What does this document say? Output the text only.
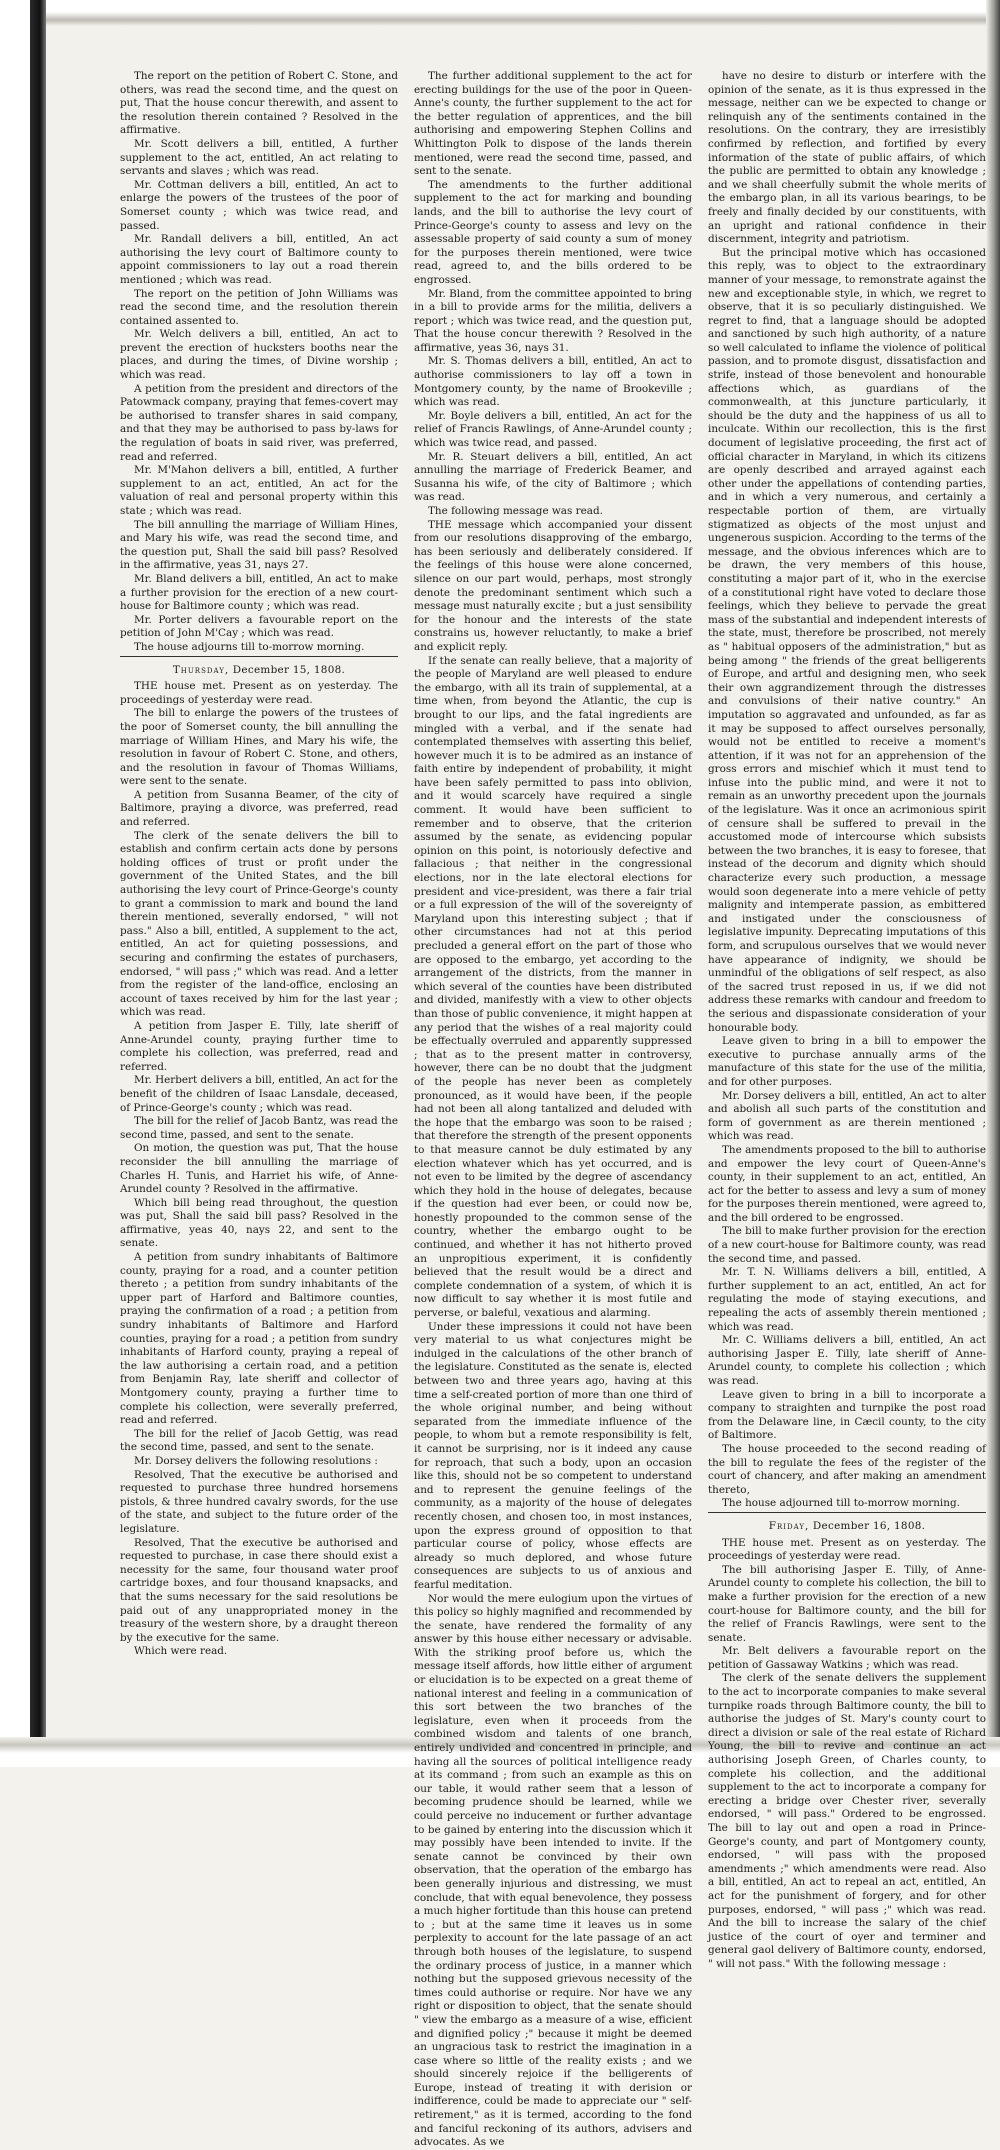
The report on the petition of Robert C. Stone, and others, was read the second time, and the quest on put, That the house concur therewith, and assent to the resolution therein contained ? Resolved in the affirmative.

Mr. Scott delivers a bill, entitled, A further supplement to the act, entitled, An act relating to servants and slaves ; which was read.

Mr. Cottman delivers a bill, entitled, An act to enlarge the powers of the trustees of the poor of Somerset county ; which was twice read, and passed.

Mr. Randall delivers a bill, entitled, An act authorising the levy court of Baltimore county to appoint commissioners to lay out a road therein mentioned ; which was read.

The report on the petition of John Williams was read the second time, and the resolution therein contained assented to.

Mr. Welch delivers a bill, entitled, An act to prevent the erection of hucksters booths near the places, and during the times, of Divine worship ; which was read.

A petition from the president and directors of the Patowmack company, praying that femes-covert may be authorised to transfer shares in said company, and that they may be authorised to pass by-laws for the regulation of boats in said river, was preferred, read and referred.

Mr. M'Mahon delivers a bill, entitled, A further supplement to an act, entitled, An act for the valuation of real and personal property within this state ; which was read.

The bill annulling the marriage of William Hines, and Mary his wife, was read the second time, and the question put, Shall the said bill pass? Resolved in the affirmative, yeas 31, nays 27.

Mr. Bland delivers a bill, entitled, An act to make a further provision for the erection of a new court-house for Baltimore county ; which was read.

Mr. Porter delivers a favourable report on the petition of John M'Cay ; which was read.

The house adjourns till to-morrow morning.

Thursday, December 15, 1808.

THE house met. Present as on yesterday. The proceedings of yesterday were read.

The bill to enlarge the powers of the trustees of the poor of Somerset county, the bill annulling the marriage of William Hines, and Mary his wife, the resolution in favour of Robert C. Stone, and others, and the resolution in favour of Thomas Williams, were sent to the senate.

A petition from Susanna Beamer, of the city of Baltimore, praying a divorce, was preferred, read and referred.

The clerk of the senate delivers the bill to establish and confirm certain acts done by persons holding offices of trust or profit under the government of the United States, and the bill authorising the levy court of Prince-George's county to grant a commission to mark and bound the land therein mentioned, severally endorsed, " will not pass." Also a bill, entitled, A supplement to the act, entitled, An act for quieting possessions, and securing and confirming the estates of purchasers, endorsed, " will pass ;" which was read. And a letter from the register of the land-office, enclosing an account of taxes received by him for the last year ; which was read.

A petition from Jasper E. Tilly, late sheriff of Anne-Arundel county, praying further time to complete his collection, was preferred, read and referred.

Mr. Herbert delivers a bill, entitled, An act for the benefit of the children of Isaac Lansdale, deceased, of Prince-George's county ; which was read.

The bill for the relief of Jacob Bantz, was read the second time, passed, and sent to the senate.

On motion, the question was put, That the house reconsider the bill annulling the marriage of Charles H. Tunis, and Harriet his wife, of Anne-Arundel county ? Resolved in the affirmative.

Which bill being read throughout, the question was put, Shall the said bill pass? Resolved in the affirmative, yeas 40, nays 22, and sent to the senate.

A petition from sundry inhabitants of Baltimore county, praying for a road, and a counter petition thereto ; a petition from sundry inhabitants of the upper part of Harford and Baltimore counties, praying the confirmation of a road ; a petition from sundry inhabitants of Baltimore and Harford counties, praying for a road ; a petition from sundry inhabitants of Harford county, praying a repeal of the law authorising a certain road, and a petition from Benjamin Ray, late sheriff and collector of Montgomery county, praying a further time to complete his collection, were severally preferred, read and referred.

The bill for the relief of Jacob Gettig, was read the second time, passed, and sent to the senate.

Mr. Dorsey delivers the following resolutions :

Resolved, That the executive be authorised and requested to purchase three hundred horsemens pistols, & three hundred cavalry swords, for the use of the state, and subject to the future order of the legislature.

Resolved, That the executive be authorised and requested to purchase, in case there should exist a necessity for the same, four thousand water proof cartridge boxes, and four thousand knapsacks, and that the sums necessary for the said resolutions be paid out of any unappropriated money in the treasury of the western shore, by a draught thereon by the executive for the same.

Which were read.

The further additional supplement to the act for erecting buildings for the use of the poor in Queen-Anne's county, the further supplement to the act for the better regulation of apprentices, and the bill authorising and empowering Stephen Collins and Whittington Polk to dispose of the lands therein mentioned, were read the second time, passed, and sent to the senate.

The amendments to the further additional supplement to the act for marking and bounding lands, and the bill to authorise the levy court of Prince-George's county to assess and levy on the assessable property of said county a sum of money for the purposes therein mentioned, were twice read, agreed to, and the bills ordered to be engrossed.

Mr. Bland, from the committee appointed to bring in a bill to provide arms for the militia, delivers a report ; which was twice read, and the question put, That the house concur therewith ? Resolved in the affirmative, yeas 36, nays 31.

Mr. S. Thomas delivers a bill, entitled, An act to authorise commissioners to lay off a town in Montgomery county, by the name of Brookeville ; which was read.

Mr. Boyle delivers a bill, entitled, An act for the relief of Francis Rawlings, of Anne-Arundel county ; which was twice read, and passed.

Mr. R. Steuart delivers a bill, entitled, An act annulling the marriage of Frederick Beamer, and Susanna his wife, of the city of Baltimore ; which was read.

The following message was read.

THE message which accompanied your dissent from our resolutions disapproving of the embargo, has been seriously and deliberately considered. If the feelings of this house were alone concerned, silence on our part would, perhaps, most strongly denote the predominant sentiment which such a message must naturally excite ; but a just sensibility for the honour and the interests of the state constrains us, however reluctantly, to make a brief and explicit reply.

If the senate can really believe, that a majority of the people of Maryland are well pleased to endure the embargo, with all its train of supplemental, at a time when, from beyond the Atlantic, the cup is brought to our lips, and the fatal ingredients are mingled with a verbal, and if the senate had contemplated themselves with asserting this belief, however much it is to be admired as an instance of faith entire by independent of probability, it might have been safely permitted to pass into oblivion, and it would scarcely have required a single comment. It would have been sufficient to remember and to observe, that the criterion assumed by the senate, as evidencing popular opinion on this point, is notoriously defective and fallacious ; that neither in the congressional elections, nor in the late electoral elections for president and vice-president, was there a fair trial or a full expression of the will of the sovereignty of Maryland upon this interesting subject ; that if other circumstances had not at this period precluded a general effort on the part of those who are opposed to the embargo, yet according to the arrangement of the districts, from the manner in which several of the counties have been distributed and divided, manifestly with a view to other objects than those of public convenience, it might happen at any period that the wishes of a real majority could be effectually overruled and apparently suppressed ; that as to the present matter in controversy, however, there can be no doubt that the judgment of the people has never been as completely pronounced, as it would have been, if the people had not been all along tantalized and deluded with the hope that the embargo was soon to be raised ; that therefore the strength of the present opponents to that measure cannot be duly estimated by any election whatever which has yet occurred, and is not even to be limited by the degree of ascendancy which they hold in the house of delegates, because if the question had ever been, or could now be, honestly propounded to the common sense of the country, whether the embargo ought to be continued, and whether it has not hitherto proved an unpropitious experiment, it is confidently believed that the result would be a direct and complete condemnation of a system, of which it is now difficult to say whether it is most futile and perverse, or baleful, vexatious and alarming.

Under these impressions it could not have been very material to us what conjectures might be indulged in the calculations of the other branch of the legislature. Constituted as the senate is, elected between two and three years ago, having at this time a self-created portion of more than one third of the whole original number, and being without separated from the immediate influence of the people, to whom but a remote responsibility is felt, it cannot be surprising, nor is it indeed any cause for reproach, that such a body, upon an occasion like this, should not be so competent to understand and to represent the genuine feelings of the community, as a majority of the house of delegates recently chosen, and chosen too, in most instances, upon the express ground of opposition to that particular course of policy, whose effects are already so much deplored, and whose future consequences are subjects to us of anxious and fearful meditation.

Nor would the mere eulogium upon the virtues of this policy so highly magnified and recommended by the senate, have rendered the formality of any answer by this house either necessary or advisable. With the striking proof before us, which the message itself affords, how little either of argument or elucidation is to be expected on a great theme of national interest and feeling in a communication of this sort between the two branches of the legislature, even when it proceeds from the combined wisdom and talents of one branch, entirely undivided and concentred in principle, and having all the sources of political intelligence ready at its command ; from such an example as this on our table, it would rather seem that a lesson of becoming prudence should be learned, while we could perceive no inducement or further advantage to be gained by entering into the discussion which it may possibly have been intended to invite. If the senate cannot be convinced by their own observation, that the operation of the embargo has been generally injurious and distressing, we must conclude, that with equal benevolence, they possess a much higher fortitude than this house can pretend to ; but at the same time it leaves us in some perplexity to account for the late passage of an act through both houses of the legislature, to suspend the ordinary process of justice, in a manner which nothing but the supposed grievous necessity of the times could authorise or require. Nor have we any right or disposition to object, that the senate should " view the embargo as a measure of a wise, efficient and dignified policy ;" because it might be deemed an ungracious task to restrict the imagination in a case where so little of the reality exists ; and we should sincerely rejoice if the belligerents of Europe, instead of treating it with derision or indifference, could be made to appreciate our " self-retirement," as it is termed, according to the fond and fanciful reckoning of its authors, advisers and advocates. As we

have no desire to disturb or interfere with the opinion of the senate, as it is thus expressed in the message, neither can we be expected to change or relinquish any of the sentiments contained in the resolutions. On the contrary, they are irresistibly confirmed by reflection, and fortified by every information of the state of public affairs, of which the public are permitted to obtain any knowledge ; and we shall cheerfully submit the whole merits of the embargo plan, in all its various bearings, to be freely and finally decided by our constituents, with an upright and rational confidence in their discernment, integrity and patriotism.

But the principal motive which has occasioned this reply, was to object to the extraordinary manner of your message, to remonstrate against the new and exceptionable style, in which, we regret to observe, that it is so peculiarly distinguished. We regret to find, that a language should be adopted and sanctioned by such high authority, of a nature so well calculated to inflame the violence of political passion, and to promote disgust, dissatisfaction and strife, instead of those benevolent and honourable affections which, as guardians of the commonwealth, at this juncture particularly, it should be the duty and the happiness of us all to inculcate. Within our recollection, this is the first document of legislative proceeding, the first act of official character in Maryland, in which its citizens are openly described and arrayed against each other under the appellations of contending parties, and in which a very numerous, and certainly a respectable portion of them, are virtually stigmatized as objects of the most unjust and ungenerous suspicion. According to the terms of the message, and the obvious inferences which are to be drawn, the very members of this house, constituting a major part of it, who in the exercise of a constitutional right have voted to declare those feelings, which they believe to pervade the great mass of the substantial and independent interests of the state, must, therefore be proscribed, not merely as " habitual opposers of the administration," but as being among " the friends of the great belligerents of Europe, and artful and designing men, who seek their own aggrandizement through the distresses and convulsions of their native country." An imputation so aggravated and unfounded, as far as it may be supposed to affect ourselves personally, would not be entitled to receive a moment's attention, if it was not for an apprehension of the gross errors and mischief which it must tend to infuse into the public mind, and were it not to remain as an unworthy precedent upon the journals of the legislature. Was it once an acrimonious spirit of censure shall be suffered to prevail in the accustomed mode of intercourse which subsists between the two branches, it is easy to foresee, that instead of the decorum and dignity which should characterize every such production, a message would soon degenerate into a mere vehicle of petty malignity and intemperate passion, as embittered and instigated under the consciousness of legislative impunity. Deprecating imputations of this form, and scrupulous ourselves that we would never have appearance of indignity, we should be unmindful of the obligations of self respect, as also of the sacred trust reposed in us, if we did not address these remarks with candour and freedom to the serious and dispassionate consideration of your honourable body.

Leave given to bring in a bill to empower the executive to purchase annually arms of the manufacture of this state for the use of the militia, and for other purposes.

Mr. Dorsey delivers a bill, entitled, An act to alter and abolish all such parts of the constitution and form of government as are therein mentioned ; which was read.

The amendments proposed to the bill to authorise and empower the levy court of Queen-Anne's county, in their supplement to an act, entitled, An act for the better to assess and levy a sum of money for the purposes therein mentioned, were agreed to, and the bill ordered to be engrossed.

The bill to make further provision for the erection of a new court-house for Baltimore county, was read the second time, and passed.

Mr. T. N. Williams delivers a bill, entitled, A further supplement to an act, entitled, An act for regulating the mode of staying executions, and repealing the acts of assembly therein mentioned ; which was read.

Mr. C. Williams delivers a bill, entitled, An act authorising Jasper E. Tilly, late sheriff of Anne-Arundel county, to complete his collection ; which was read.

Leave given to bring in a bill to incorporate a company to straighten and turnpike the post road from the Delaware line, in Cæcil county, to the city of Baltimore.

The house proceeded to the second reading of the bill to regulate the fees of the register of the court of chancery, and after making an amendment thereto,

The house adjourned till to-morrow morning.

Friday, December 16, 1808.

THE house met. Present as on yesterday. The proceedings of yesterday were read.

The bill authorising Jasper E. Tilly, of Anne-Arundel county to complete his collection, the bill to make a further provision for the erection of a new court-house for Baltimore county, and the bill for the relief of Francis Rawlings, were sent to the senate.

Mr. Belt delivers a favourable report on the petition of Gassaway Watkins ; which was read.

The clerk of the senate delivers the supplement to the act to incorporate companies to make several turnpike roads through Baltimore county, the bill to authorise the judges of St. Mary's county court to direct a division or sale of the real estate of Richard Young, the bill to revive and continue an act authorising Joseph Green, of Charles county, to complete his collection, and the additional supplement to the act to incorporate a company for erecting a bridge over Chester river, severally endorsed, " will pass." Ordered to be engrossed. The bill to lay out and open a road in Prince-George's county, and part of Montgomery county, endorsed, " will pass with the proposed amendments ;" which amendments were read. Also a bill, entitled, An act to repeal an act, entitled, An act for the punishment of forgery, and for other purposes, endorsed, " will pass ;" which was read. And the bill to increase the salary of the chief justice of the court of oyer and terminer and general gaol delivery of Baltimore county, endorsed, " will not pass." With the following message :
